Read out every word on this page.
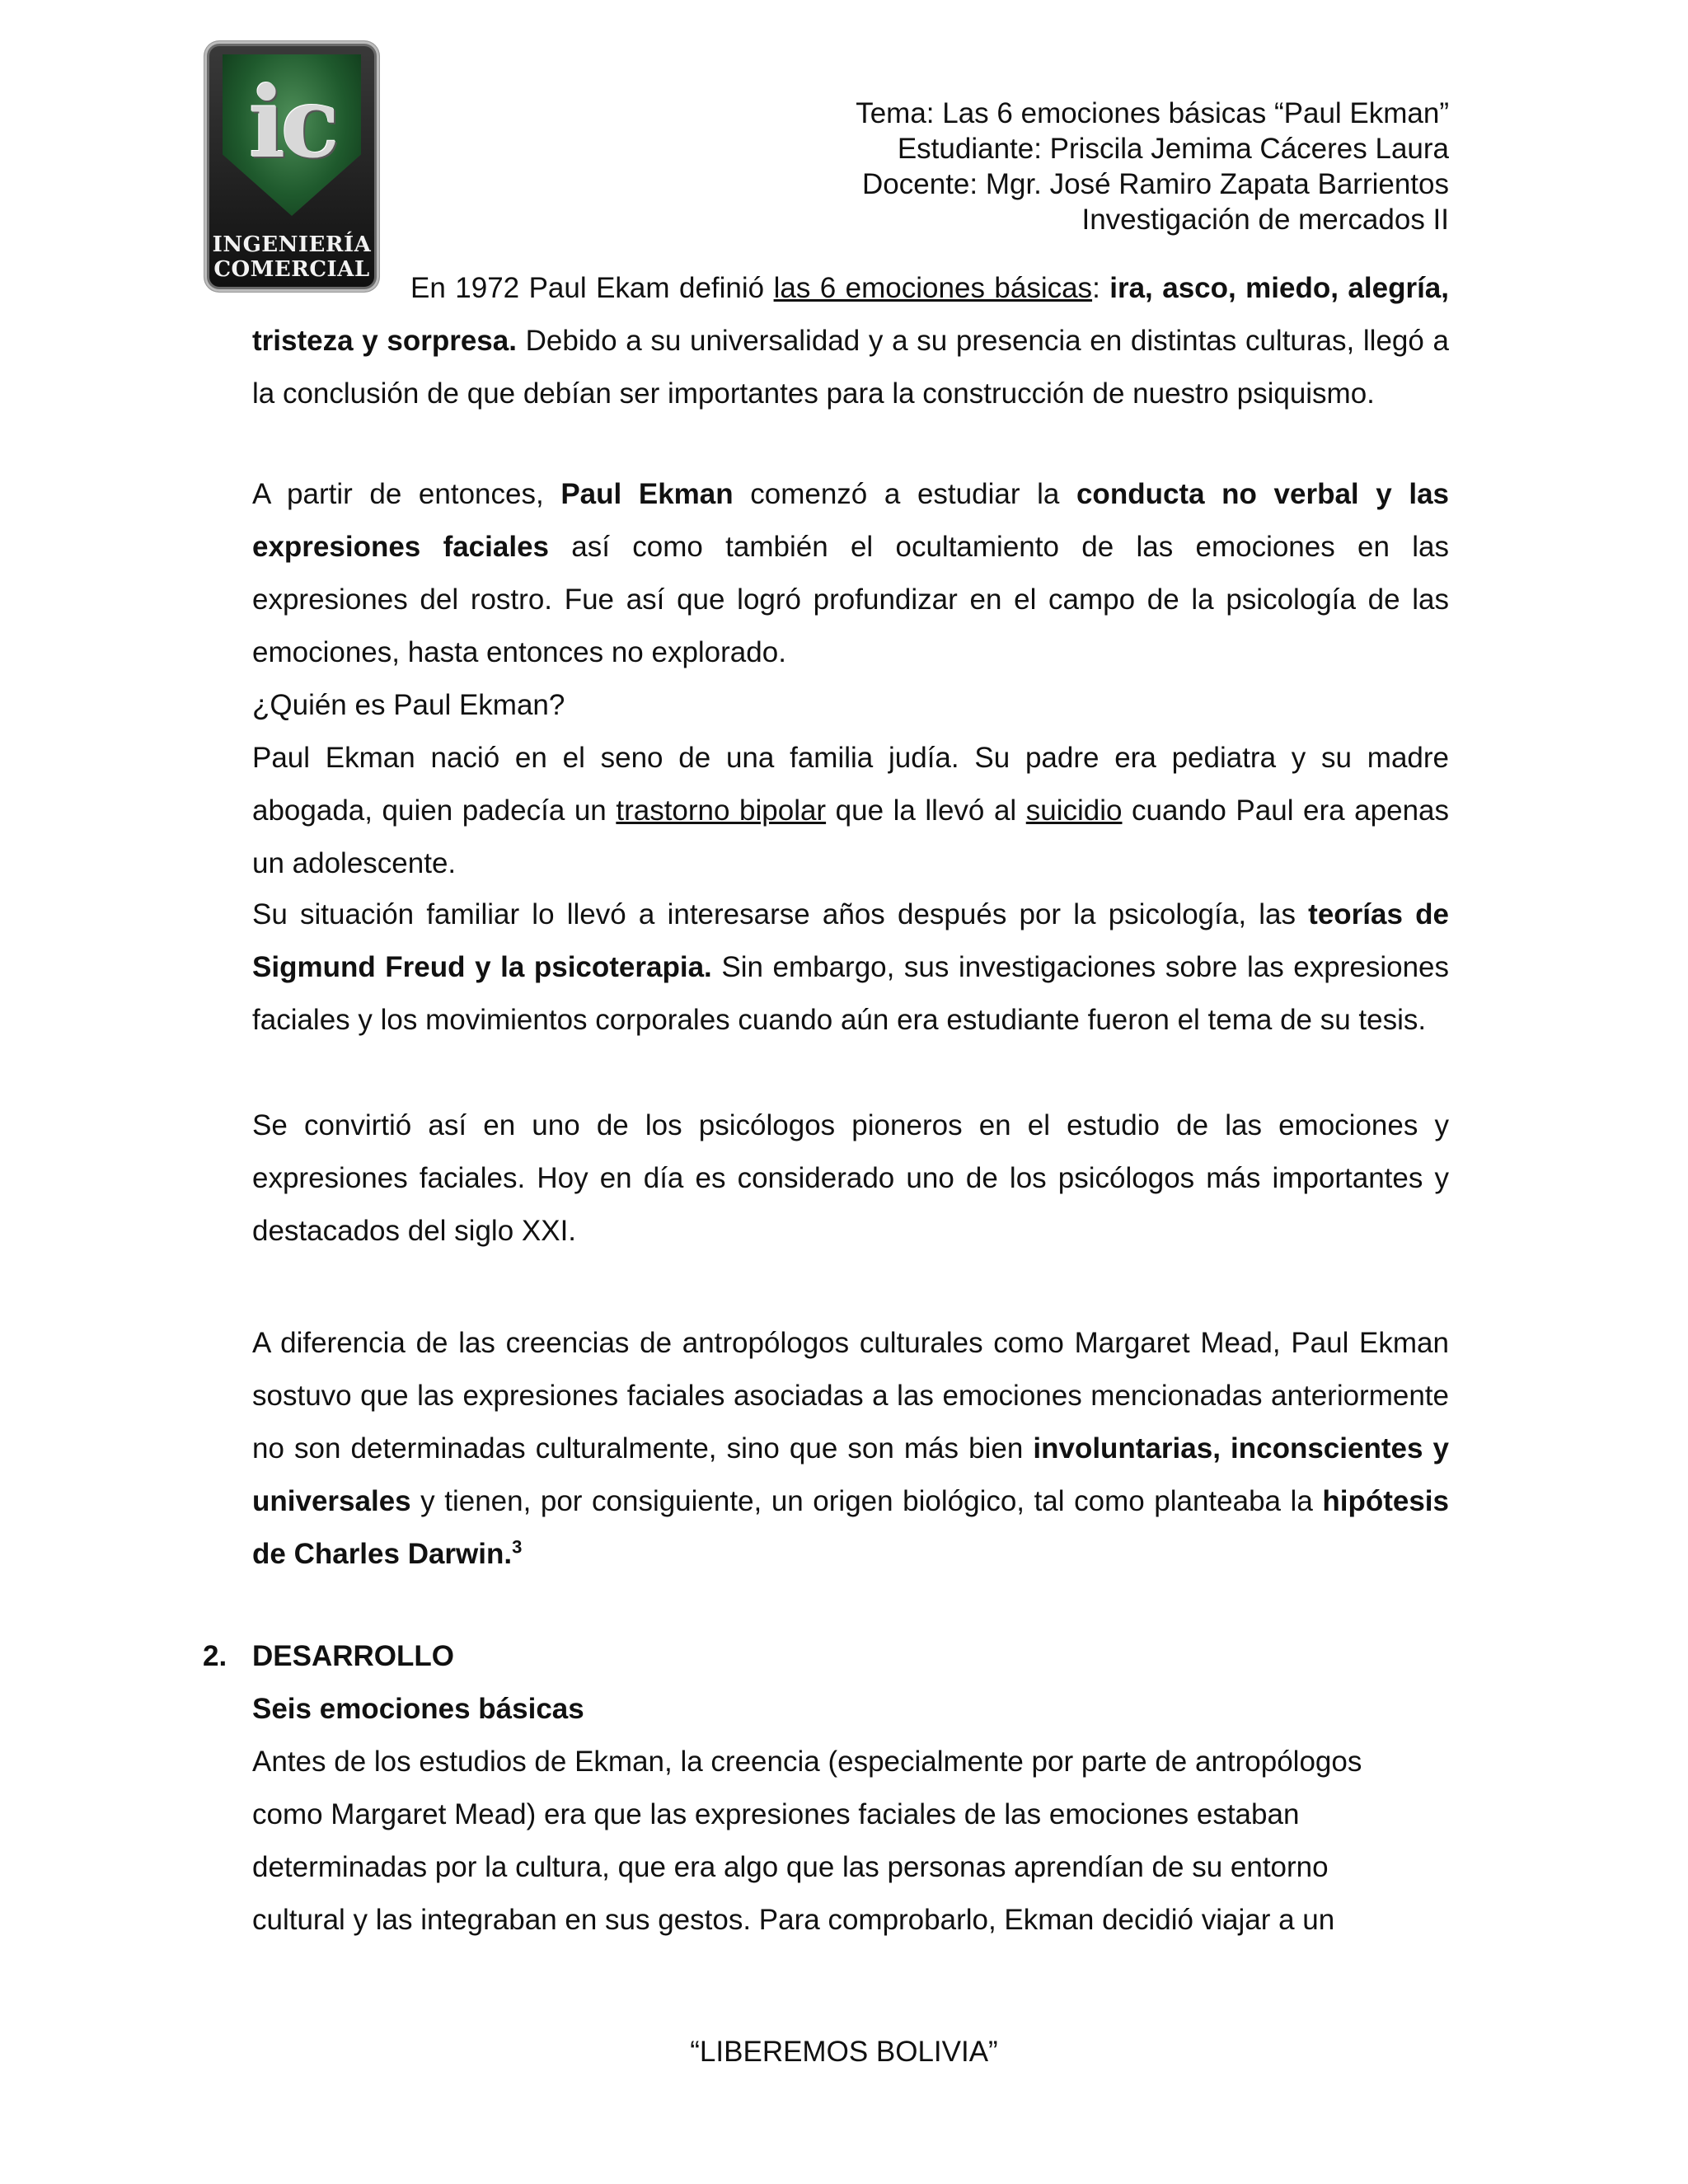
ic
INGENIERÍA
COMERCIAL
Tema: Las 6 emociones básicas “Paul Ekman”
Estudiante: Priscila Jemima Cáceres Laura
Docente: Mgr. José Ramiro Zapata Barrientos
Investigación de mercados II

En 1972 Paul Ekam definió las 6 emociones básicas: ira, asco, miedo, alegría, tristeza y sorpresa. Debido a su universalidad y a su presencia en distintas culturas, llegó a la conclusión de que debían ser importantes para la construcción de nuestro psiquismo.

A partir de entonces, Paul Ekman comenzó a estudiar la conducta no verbal y las expresiones faciales así como también el ocultamiento de las emociones en las expresiones del rostro. Fue así que logró profundizar en el campo de la psicología de las emociones, hasta entonces no explorado.

¿Quién es Paul Ekman?

Paul Ekman nació en el seno de una familia judía. Su padre era pediatra y su madre abogada, quien padecía un trastorno bipolar que la llevó al suicidio cuando Paul era apenas un adolescente.

Su situación familiar lo llevó a interesarse años después por la psicología, las teorías de Sigmund Freud y la psicoterapia. Sin embargo, sus investigaciones sobre las expresiones faciales y los movimientos corporales cuando aún era estudiante fueron el tema de su tesis.

Se convirtió así en uno de los psicólogos pioneros en el estudio de las emociones y expresiones faciales. Hoy en día es considerado uno de los psicólogos más importantes y destacados del siglo XXI.

A diferencia de las creencias de antropólogos culturales como Margaret Mead, Paul Ekman sostuvo que las expresiones faciales asociadas a las emociones mencionadas anteriormente no son determinadas culturalmente, sino que son más bien involuntarias, inconscientes y universales y tienen, por consiguiente, un origen biológico, tal como planteaba la hipótesis de Charles Darwin.$^3$

2. DESARROLLO

Seis emociones básicas

Antes de los estudios de Ekman, la creencia (especialmente por parte de antropólogos

como Margaret Mead) era que las expresiones faciales de las emociones estaban

determinadas por la cultura, que era algo que las personas aprendían de su entorno

cultural y las integraban en sus gestos. Para comprobarlo, Ekman decidió viajar a un

“LIBEREMOS BOLIVIA”
